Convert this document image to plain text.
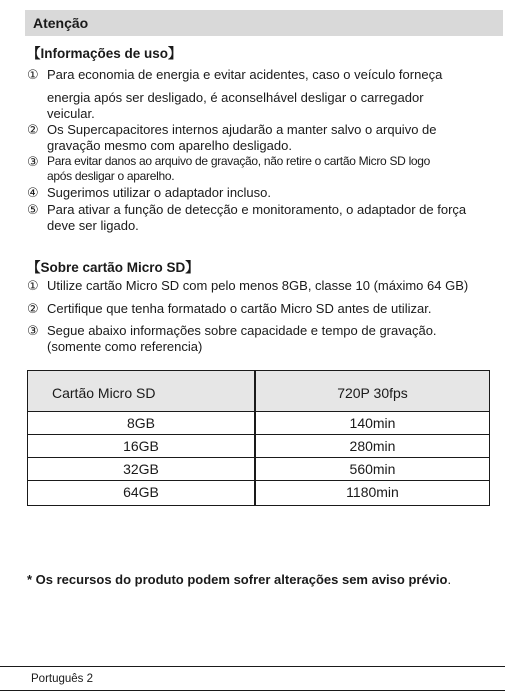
Atenção
【Informações de uso】
① Para economia de energia e evitar acidentes, caso o veículo forneça
energia após ser desligado, é aconselhável desligar o carregador
veicular.
② Os Supercapacitores internos ajudarão a manter salvo o arquivo de
gravação mesmo com aparelho desligado.
③ Para evitar danos ao arquivo de gravação, não retire o cartão Micro SD logo
após desligar o aparelho.
④ Sugerimos utilizar o adaptador incluso.
⑤ Para ativar a função de detecção e monitoramento, o adaptador de força
deve ser ligado.
【Sobre cartão Micro SD】
① Utilize cartão Micro SD com pelo menos 8GB, classe 10 (máximo 64 GB)
② Certifique que tenha formatado o cartão Micro SD antes de utilizar.
③ Segue abaixo informações sobre capacidade e tempo de gravação.
(somente como referencia)
Cartão Micro SD	720P 30fps
8GB	140min
16GB	280min
32GB	560min
64GB	1180min
* Os recursos do produto podem sofrer alterações sem aviso prévio.
Português 2
